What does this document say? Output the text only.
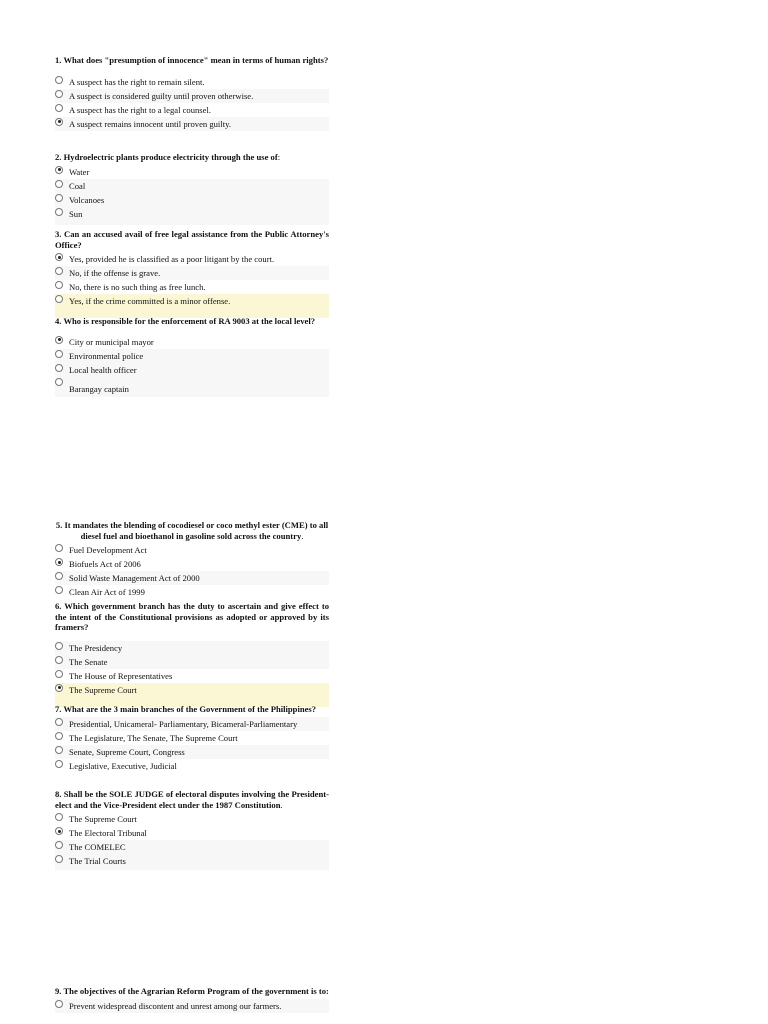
1. What does "presumption of innocence" mean in terms of human rights?

A suspect has the right to remain silent.
A suspect is considered guilty until proven otherwise.
A suspect has the right to a legal counsel.
A suspect remains innocent until proven guilty.

2. Hydroelectric plants produce electricity through the use of:

Water
Coal
Volcanoes
Sun

3. Can an accused avail of free legal assistance from the Public Attorney's Office?

Yes, provided he is classified as a poor litigant by the court.
No, if the offense is grave.
No, there is no such thing as free lunch.
Yes, if the crime committed is a minor offense.

4. Who is responsible for the enforcement of RA 9003 at the local level?

City or municipal mayor
Environmental police
Local health officer
Barangay captain

5. It mandates the blending of cocodiesel or coco methyl ester (CME) to all diesel fuel and bioethanol in gasoline sold across the country.

Fuel Development Act
Biofuels Act of 2006
Solid Waste Management Act of 2000
Clean Air Act of 1999

6. Which government branch has the duty to ascertain and give effect to the intent of the Constitutional provisions as adopted or approved by its framers?

The Presidency
The Senate
The House of Representatives
The Supreme Court

7. What are the 3 main branches of the Government of the Philippines?

Presidential, Unicameral- Parliamentary, Bicameral-Parliamentary
The Legislature, The Senate, The Supreme Court
Senate, Supreme Court, Congress
Legislative, Executive, Judicial

8. Shall be the SOLE JUDGE of electoral disputes involving the President-elect and the Vice-President elect under the 1987 Constitution.

The Supreme Court
The Electoral Tribunal
The COMELEC
The Trial Courts

9. The objectives of the Agrarian Reform Program of the government is to:

Prevent widespread discontent and unrest among our farmers.
